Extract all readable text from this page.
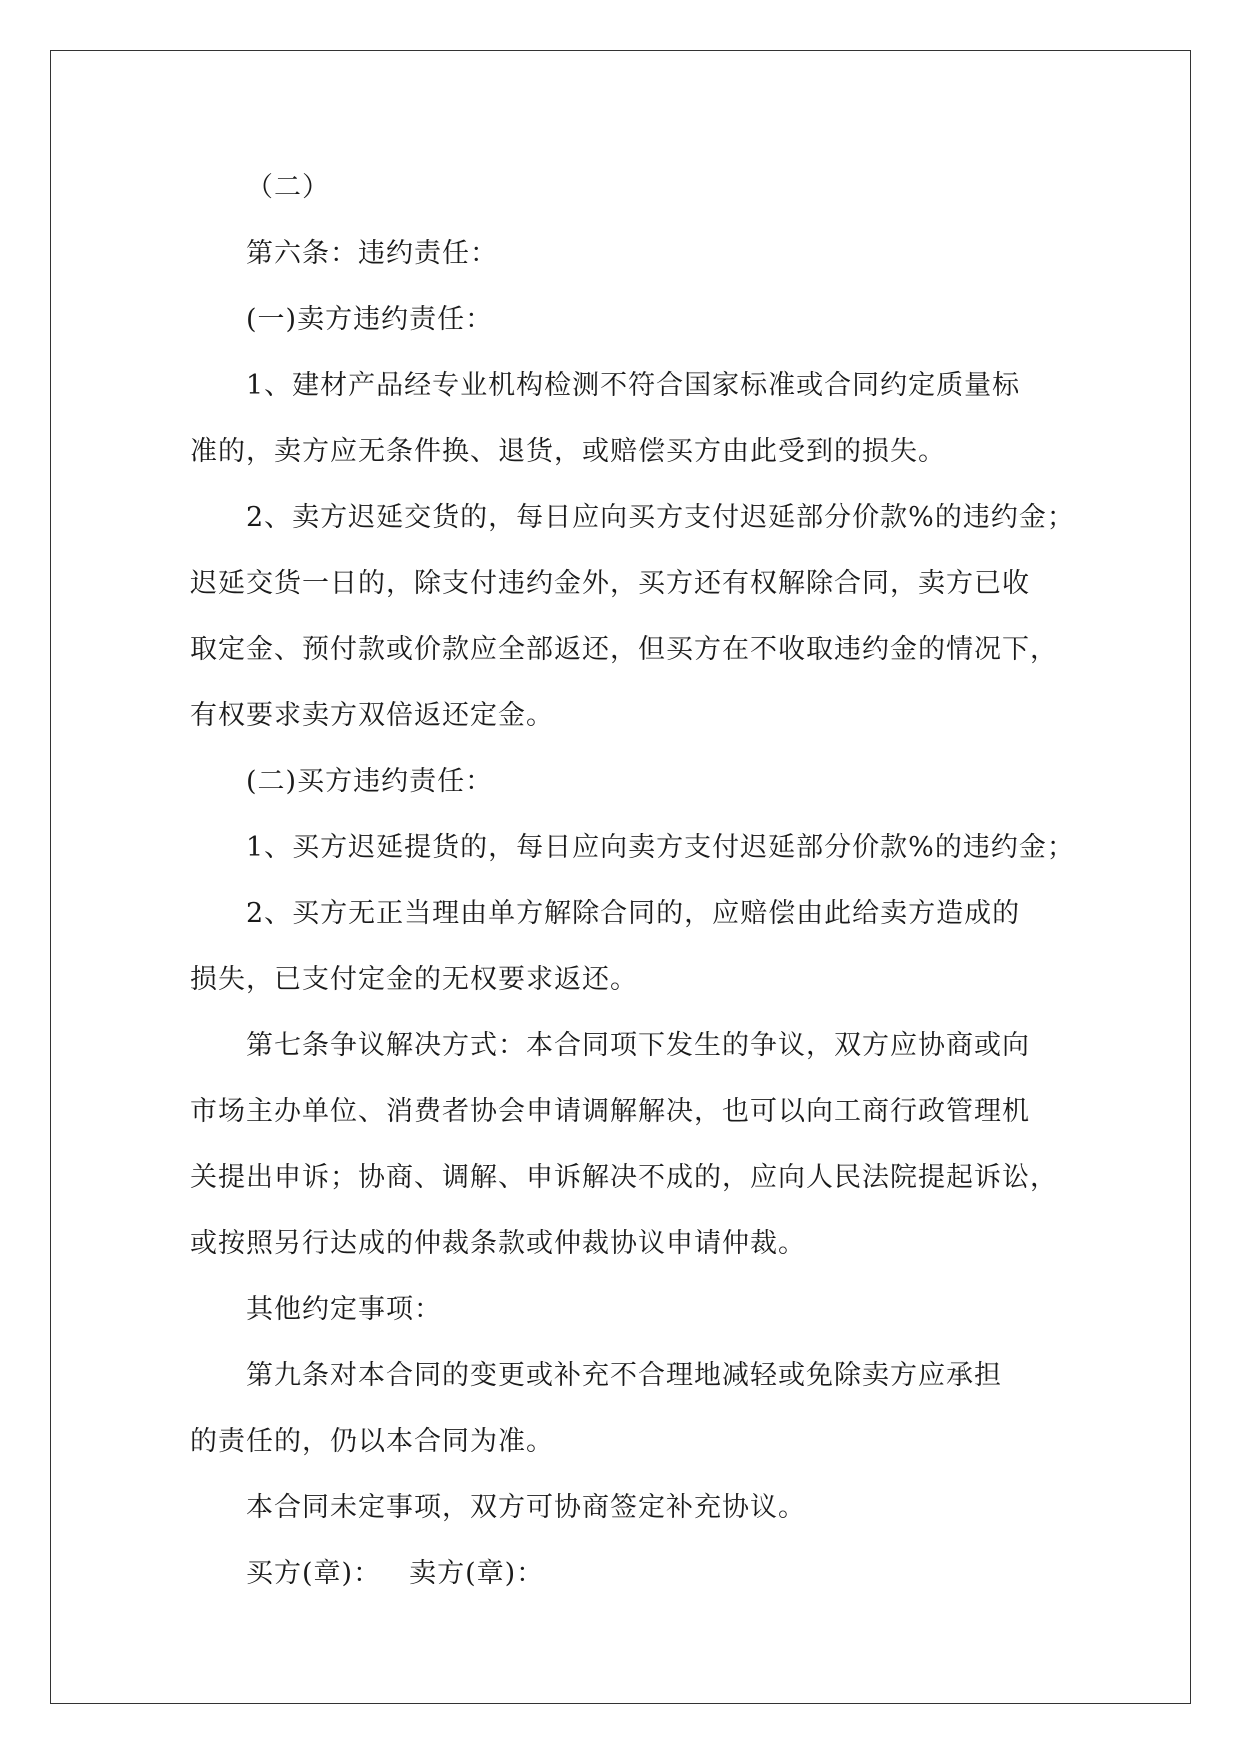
（二）
第六条：违约责任：
(一)卖方违约责任：
1、建材产品经专业机构检测不符合国家标准或合同约定质量标
准的，卖方应无条件换、退货，或赔偿买方由此受到的损失。
2、卖方迟延交货的，每日应向买方支付迟延部分价款%的违约金；
迟延交货一日的，除支付违约金外，买方还有权解除合同，卖方已收
取定金、预付款或价款应全部返还，但买方在不收取违约金的情况下，
有权要求卖方双倍返还定金。
(二)买方违约责任：
1、买方迟延提货的，每日应向卖方支付迟延部分价款%的违约金；
2、买方无正当理由单方解除合同的，应赔偿由此给卖方造成的
损失，已支付定金的无权要求返还。
第七条争议解决方式：本合同项下发生的争议，双方应协商或向
市场主办单位、消费者协会申请调解解决，也可以向工商行政管理机
关提出申诉；协商、调解、申诉解决不成的，应向人民法院提起诉讼，
或按照另行达成的仲裁条款或仲裁协议申请仲裁。
其他约定事项：
第九条对本合同的变更或补充不合理地减轻或免除卖方应承担
的责任的，仍以本合同为准。
本合同未定事项，双方可协商签定补充协议。
买方(章)： 卖方(章)：
